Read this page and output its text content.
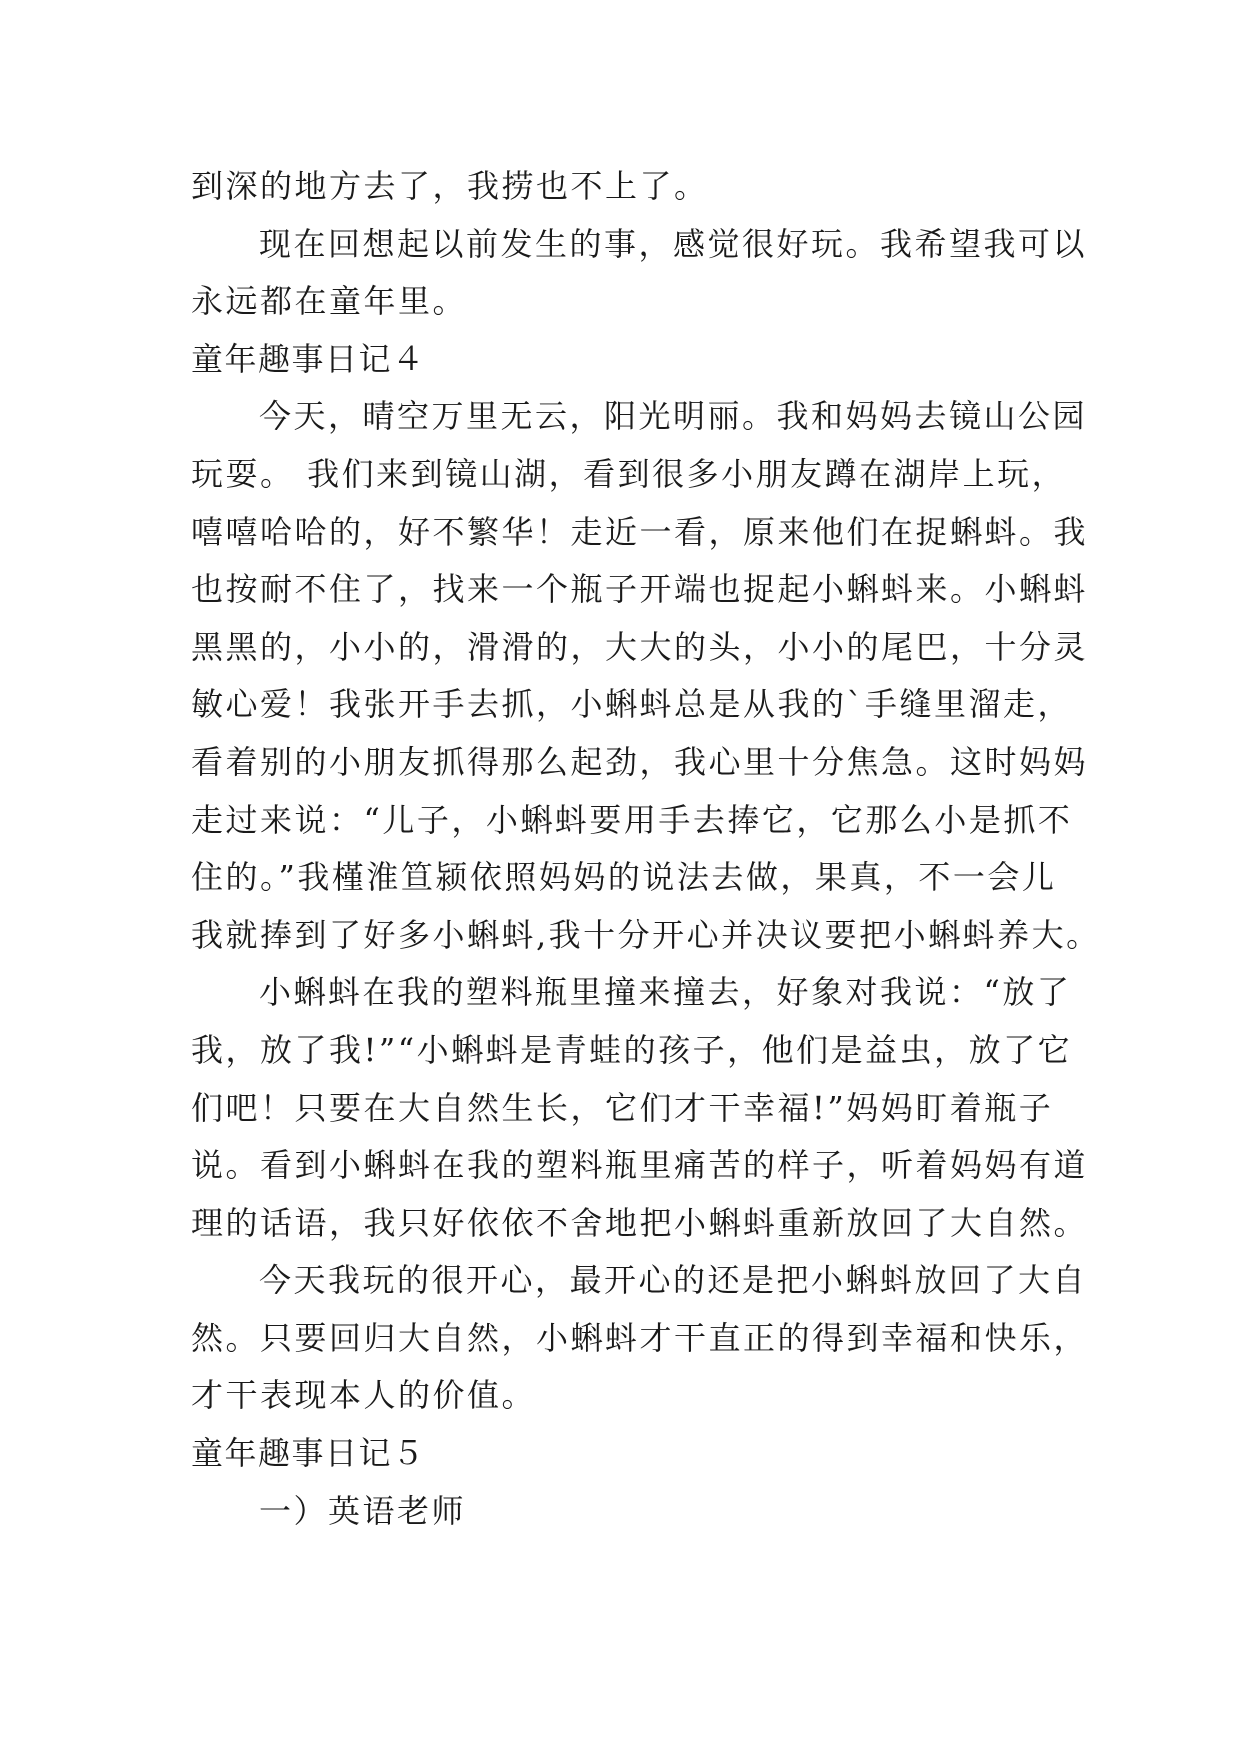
到深的地方去了，我捞也不上了。
现在回想起以前发生的事，感觉很好玩。我希望我可以
永远都在童年里。
童年趣事日记４
今天，晴空万里无云，阳光明丽。我和妈妈去镜山公园
玩耍。 我们来到镜山湖，看到很多小朋友蹲在湖岸上玩，
嘻嘻哈哈的，好不繁华！走近一看，原来他们在捉蝌蚪。我
也按耐不住了，找来一个瓶子开端也捉起小蝌蚪来。小蝌蚪
黑黑的，小小的，滑滑的，大大的头，小小的尾巴，十分灵
敏心爱！我张开手去抓，小蝌蚪总是从我的`手缝里溜走，
看着别的小朋友抓得那么起劲，我心里十分焦急。这时妈妈
走过来说：“儿子，小蝌蚪要用手去捧它，它那么小是抓不
住的。”我槿淮笪颍依照妈妈的说法去做，果真，不一会儿
我就捧到了好多小蝌蚪,我十分开心并决议要把小蝌蚪养大。
小蝌蚪在我的塑料瓶里撞来撞去，好象对我说：“放了
我，放了我!”“小蝌蚪是青蛙的孩子，他们是益虫，放了它
们吧！只要在大自然生长，它们才干幸福!”妈妈盯着瓶子
说。看到小蝌蚪在我的塑料瓶里痛苦的样子，听着妈妈有道
理的话语，我只好依依不舍地把小蝌蚪重新放回了大自然。
今天我玩的很开心，最开心的还是把小蝌蚪放回了大自
然。只要回归大自然，小蝌蚪才干直正的得到幸福和快乐，
才干表现本人的价值。
童年趣事日记５
一）英语老师
